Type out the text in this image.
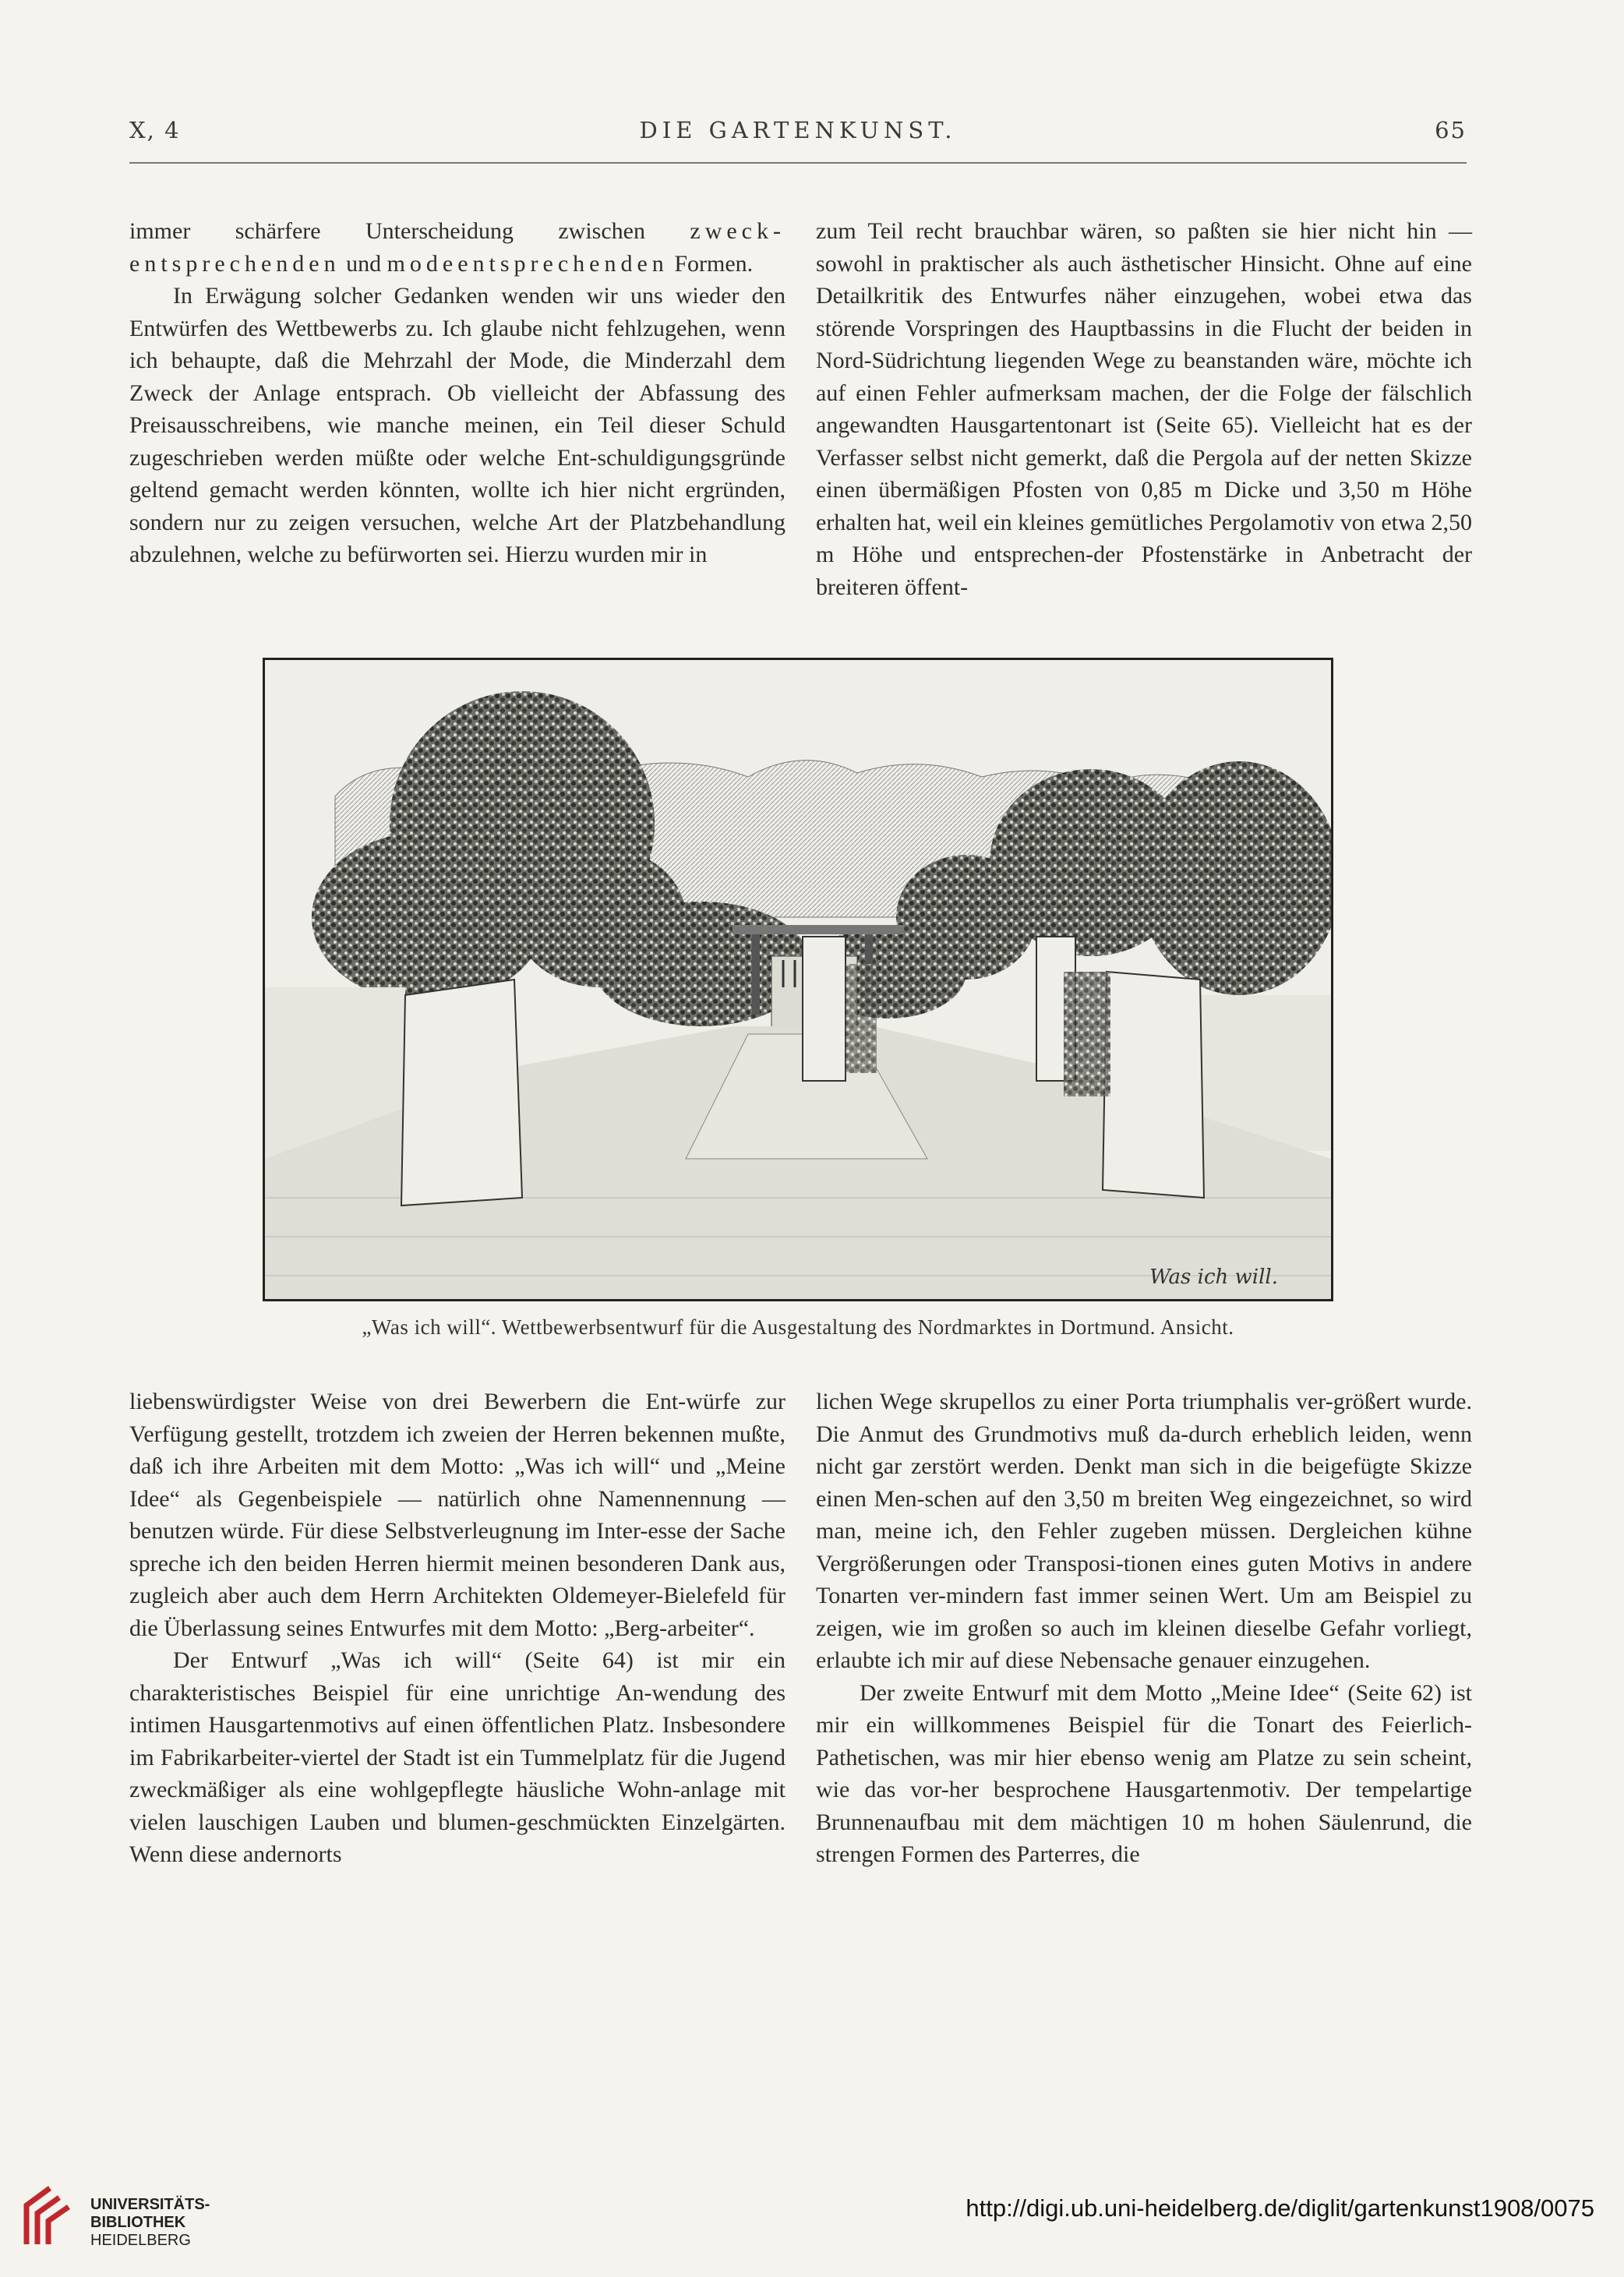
X, 4	DIE GARTENKUNST.	65

immer schärfere Unterscheidung zwischen zweck-entsprechenden und modeentsprechenden Formen.

In Erwägung solcher Gedanken wenden wir uns wieder den Entwürfen des Wettbewerbs zu. Ich glaube nicht fehlzugehen, wenn ich behaupte, daß die Mehrzahl der Mode, die Minderzahl dem Zweck der Anlage entsprach. Ob vielleicht der Abfassung des Preisausschreibens, wie manche meinen, ein Teil dieser Schuld zugeschrieben werden müßte oder welche Ent-schuldigungsgründe geltend gemacht werden könnten, wollte ich hier nicht ergründen, sondern nur zu zeigen versuchen, welche Art der Platzbehandlung abzulehnen, welche zu befürworten sei. Hierzu wurden mir in

zum Teil recht brauchbar wären, so paßten sie hier nicht hin — sowohl in praktischer als auch ästhetischer Hinsicht. Ohne auf eine Detailkritik des Entwurfes näher einzugehen, wobei etwa das störende Vorspringen des Hauptbassins in die Flucht der beiden in Nord-Südrichtung liegenden Wege zu beanstanden wäre, möchte ich auf einen Fehler aufmerksam machen, der die Folge der fälschlich angewandten Hausgartentonart ist (Seite 65). Vielleicht hat es der Verfasser selbst nicht gemerkt, daß die Pergola auf der netten Skizze einen übermäßigen Pfosten von 0,85 m Dicke und 3,50 m Höhe erhalten hat, weil ein kleines gemütliches Pergolamotiv von etwa 2,50 m Höhe und entsprechen-der Pfostenstärke in Anbetracht der breiteren öffent-

Was ich will.
„Was ich will“. Wettbewerbsentwurf für die Ausgestaltung des Nordmarktes in Dortmund. Ansicht.

liebenswürdigster Weise von drei Bewerbern die Ent-würfe zur Verfügung gestellt, trotzdem ich zweien der Herren bekennen mußte, daß ich ihre Arbeiten mit dem Motto: „Was ich will“ und „Meine Idee“ als Gegenbeispiele — natürlich ohne Namennennung — benutzen würde. Für diese Selbstverleugnung im Inter-esse der Sache spreche ich den beiden Herren hiermit meinen besonderen Dank aus, zugleich aber auch dem Herrn Architekten Oldemeyer-Bielefeld für die Überlassung seines Entwurfes mit dem Motto: „Berg-arbeiter“.

Der Entwurf „Was ich will“ (Seite 64) ist mir ein charakteristisches Beispiel für eine unrichtige An-wendung des intimen Hausgartenmotivs auf einen öffentlichen Platz. Insbesondere im Fabrikarbeiter-viertel der Stadt ist ein Tummelplatz für die Jugend zweckmäßiger als eine wohlgepflegte häusliche Wohn-anlage mit vielen lauschigen Lauben und blumen-geschmückten Einzelgärten. Wenn diese andernorts

lichen Wege skrupellos zu einer Porta triumphalis ver-größert wurde. Die Anmut des Grundmotivs muß da-durch erheblich leiden, wenn nicht gar zerstört werden. Denkt man sich in die beigefügte Skizze einen Men-schen auf den 3,50 m breiten Weg eingezeichnet, so wird man, meine ich, den Fehler zugeben müssen. Dergleichen kühne Vergrößerungen oder Transposi-tionen eines guten Motivs in andere Tonarten ver-mindern fast immer seinen Wert. Um am Beispiel zu zeigen, wie im großen so auch im kleinen dieselbe Gefahr vorliegt, erlaubte ich mir auf diese Nebensache genauer einzugehen.

Der zweite Entwurf mit dem Motto „Meine Idee“ (Seite 62) ist mir ein willkommenes Beispiel für die Tonart des Feierlich-Pathetischen, was mir hier ebenso wenig am Platze zu sein scheint, wie das vor-her besprochene Hausgartenmotiv. Der tempelartige Brunnenaufbau mit dem mächtigen 10 m hohen Säulenrund, die strengen Formen des Parterres, die

UNIVERSITÄTS-
BIBLIOTHEK
HEIDELBERG
http://digi.ub.uni-heidelberg.de/diglit/gartenkunst1908/0075
